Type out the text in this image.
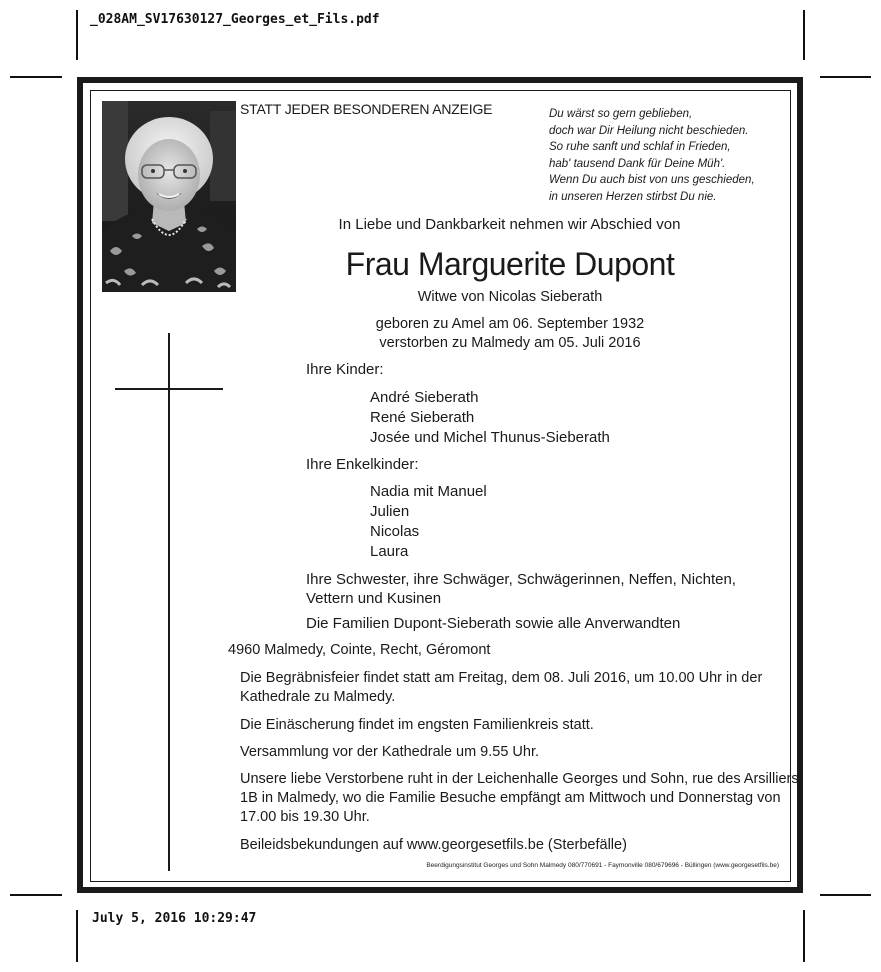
_028AM_SV17630127_Georges_et_Fils.pdf
July 5, 2016 10:29:47
STATT JEDER BESONDEREN ANZEIGE	Du wärst so gern geblieben,
doch war Dir Heilung nicht beschieden.
So ruhe sanft und schlaf in Frieden,
hab' tausend Dank für Deine Müh'.
Wenn Du auch bist von uns geschieden,
in unseren Herzen stirbst Du nie.
In Liebe und Dankbarkeit nehmen wir Abschied von
Frau Marguerite Dupont
Witwe von Nicolas Sieberath
geboren zu Amel am 06. September 1932
verstorben zu Malmedy am 05. Juli 2016
Ihre Kinder:
André Sieberath
René Sieberath
Josée und Michel Thunus-Sieberath
Ihre Enkelkinder:
Nadia mit Manuel
Julien
Nicolas
Laura
Ihre Schwester, ihre Schwäger, Schwägerinnen, Neffen, Nichten,
Vettern und Kusinen
Die Familien Dupont-Sieberath sowie alle Anverwandten
4960 Malmedy, Cointe, Recht, Géromont
Die Begräbnisfeier findet statt am Freitag, dem 08. Juli 2016, um 10.00 Uhr in der
Kathedrale zu Malmedy.
Die Einäscherung findet im engsten Familienkreis statt.
Versammlung vor der Kathedrale um 9.55 Uhr.
Unsere liebe Verstorbene ruht in der Leichenhalle Georges und Sohn, rue des Arsilliers
1B in Malmedy, wo die Familie Besuche empfängt am Mittwoch und Donnerstag von
17.00 bis 19.30 Uhr.
Beileidsbekundungen auf www.georgesetfils.be (Sterbefälle)
Beerdigungsinstitut Georges und Sohn Malmedy 080/770691 - Faymonville 080/679696 - Büllingen (www.georgesetfils.be)
